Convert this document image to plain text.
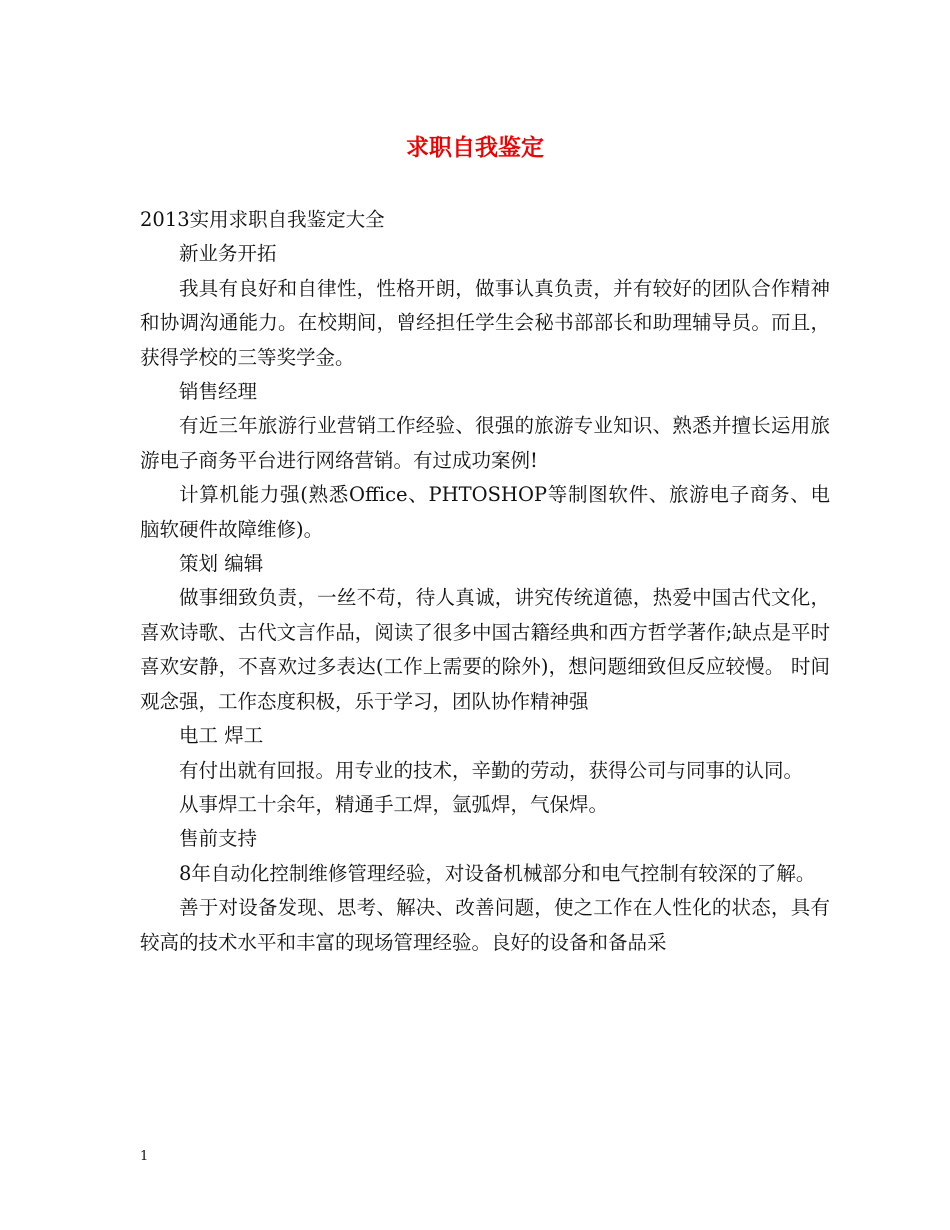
求职自我鉴定

2013实用求职自我鉴定大全

新业务开拓

我具有良好和自律性，性格开朗，做事认真负责，并有较好的团队合作精神和协调沟通能力。在校期间，曾经担任学生会秘书部部长和助理辅导员。而且，获得学校的三等奖学金。

销售经理

有近三年旅游行业营销工作经验、很强的旅游专业知识、熟悉并擅长运用旅游电子商务平台进行网络营销。有过成功案例!

计算机能力强(熟悉Office、PHTOSHOP等制图软件、旅游电子商务、电脑软硬件故障维修)。

策划 编辑

做事细致负责，一丝不苟，待人真诚，讲究传统道德，热爱中国古代文化，喜欢诗歌、古代文言作品，阅读了很多中国古籍经典和西方哲学著作;缺点是平时喜欢安静，不喜欢过多表达(工作上需要的除外)，想问题细致但反应较慢。 时间观念强，工作态度积极，乐于学习，团队协作精神强

电工 焊工

有付出就有回报。用专业的技术，辛勤的劳动，获得公司与同事的认同。

从事焊工十余年，精通手工焊，氩弧焊，气保焊。

售前支持

8年自动化控制维修管理经验，对设备机械部分和电气控制有较深的了解。

善于对设备发现、思考、解决、改善问题，使之工作在人性化的状态，具有较高的技术水平和丰富的现场管理经验。良好的设备和备品采

1
